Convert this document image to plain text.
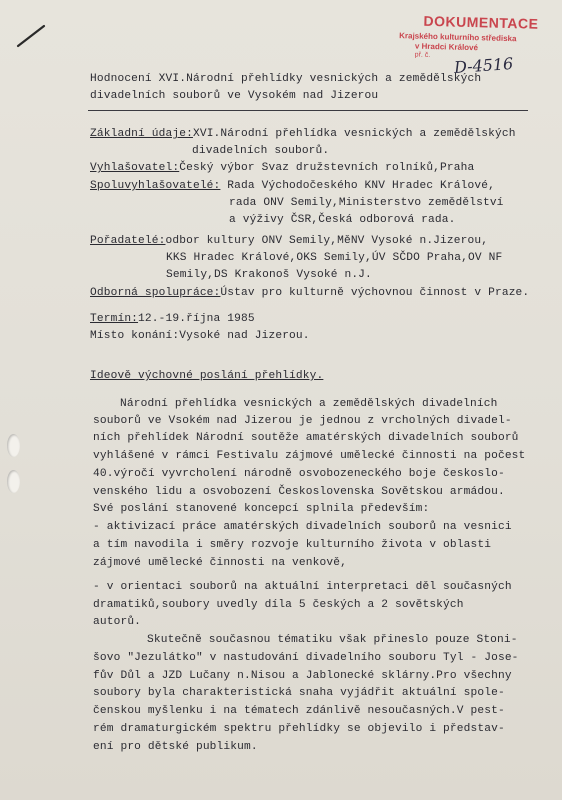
DOKUMENTACE
Krajského kulturního střediska
v Hradci Králové
př. č. D-4516
Hodnocení XVI.Národní přehlídky vesnických a zemědělských
divadelních souborů ve Vysokém nad Jizerou
Základní údaje:XVI.Národní přehlídka vesnických a zemědělských
divadelních souborů.
Vyhlašovatel:Český výbor Svaz družstevních rolníků,Praha
Spoluvyhlašovatelé: Rada Východočeského KNV Hradec Králové,
rada ONV Semily,Ministerstvo zemědělství
a výživy ČSR,Česká odborová rada.
Pořadatelé:odbor kultury ONV Semily,MěNV Vysoké n.Jizerou,
KKS Hradec Králové,OKS Semily,ÚV SČDO Praha,OV NF
Semily,DS Krakonoš Vysoké n.J.
Odborná spolupráce:Ústav pro kulturně výchovnou činnost v Praze.
Termín:12.-19.října 1985
Místo konání:Vysoké nad Jizerou.
Ideově výchovné poslání přehlídky.
Národní přehlídka vesnických a zemědělských divadelních
souborů ve Vsokém nad Jizerou je jednou z vrcholných divadel-
ních přehlídek Národní soutěže amatérských divadelních souborů
vyhlášené v rámci Festivalu zájmové umělecké činnosti na počest
40.výročí vyvrcholení národně osvobozeneckého boje českoslo-
venského lidu a osvobození Československa Sovětskou armádou.
Své poslání stanovené koncepcí splnila především:
- aktivizací práce amatérských divadelních souborů na vesnici
a tím navodila i směry rozvoje kulturního života v oblasti
zájmové umělecké činnosti na venkově,
- v orientaci souborů na aktuální interpretaci děl současných
dramatiků,soubory uvedly díla 5 českých a 2 sovětských
autorů.
Skutečně současnou tématiku však přineslo pouze Stoni-
šovo "Jezulátko" v nastudování divadelního souboru Tyl - Jose-
fův Důl a JZD Lučany n.Nisou a Jablonecké sklárny.Pro všechny
soubory byla charakteristická snaha vyjádřit aktuální spole-
čenskou myšlenku i na tématech zdánlivě nesoučasných.V pest-
rém dramaturgickém spektru přehlídky se objevilo i představ-
ení pro dětské publikum.
